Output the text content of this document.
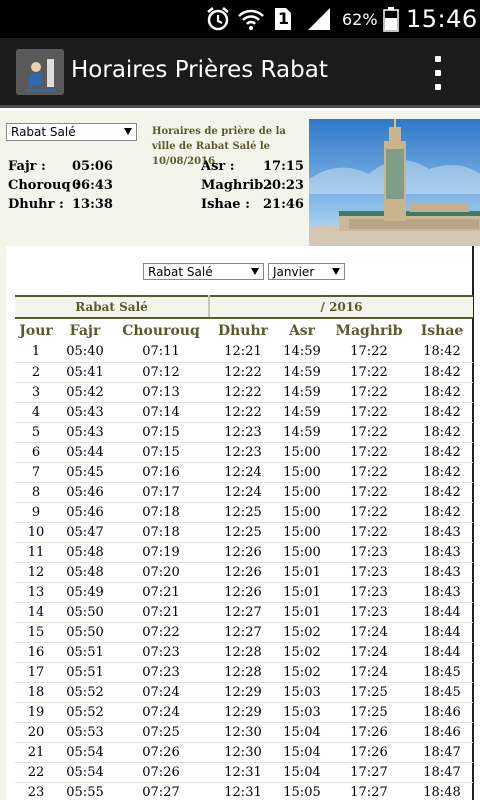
1	62% 15:46
Horaires Prières Rabat
Rabat Salé	Horaires de prière de la ville de Rabat Salé le 10/08/2016
Fajr : 05:06
Chorouq :
06:43
Dhuhr : 13:38
Asr : 17:15
Maghrib :
20:23
Ishae : 21:46
Rabat Salé	Janvier
Rabat Salé			/ 2016			
Jour	Fajr	Chourouq	Dhuhr	Asr	Maghrib	Ishae
1	05:40	07:11	12:21	14:59	17:22	18:42
2	05:41	07:12	12:22	14:59	17:22	18:42
3	05:42	07:13	12:22	14:59	17:22	18:42
4	05:43	07:14	12:22	14:59	17:22	18:42
5	05:43	07:15	12:23	14:59	17:22	18:42
6	05:44	07:15	12:23	15:00	17:22	18:42
7	05:45	07:16	12:24	15:00	17:22	18:42
8	05:46	07:17	12:24	15:00	17:22	18:42
9	05:46	07:18	12:25	15:00	17:22	18:42
10	05:47	07:18	12:25	15:00	17:22	18:43
11	05:48	07:19	12:26	15:00	17:23	18:43
12	05:48	07:20	12:26	15:01	17:23	18:43
13	05:49	07:21	12:26	15:01	17:23	18:43
14	05:50	07:21	12:27	15:01	17:23	18:44
15	05:50	07:22	12:27	15:02	17:24	18:44
16	05:51	07:23	12:28	15:02	17:24	18:44
17	05:51	07:23	12:28	15:02	17:24	18:45
18	05:52	07:24	12:29	15:03	17:25	18:45
19	05:52	07:24	12:29	15:03	17:25	18:46
20	05:53	07:25	12:30	15:04	17:26	18:46
21	05:54	07:26	12:30	15:04	17:26	18:47
22	05:54	07:26	12:31	15:04	17:27	18:47
23	05:55	07:27	12:31	15:05	17:27	18:48
